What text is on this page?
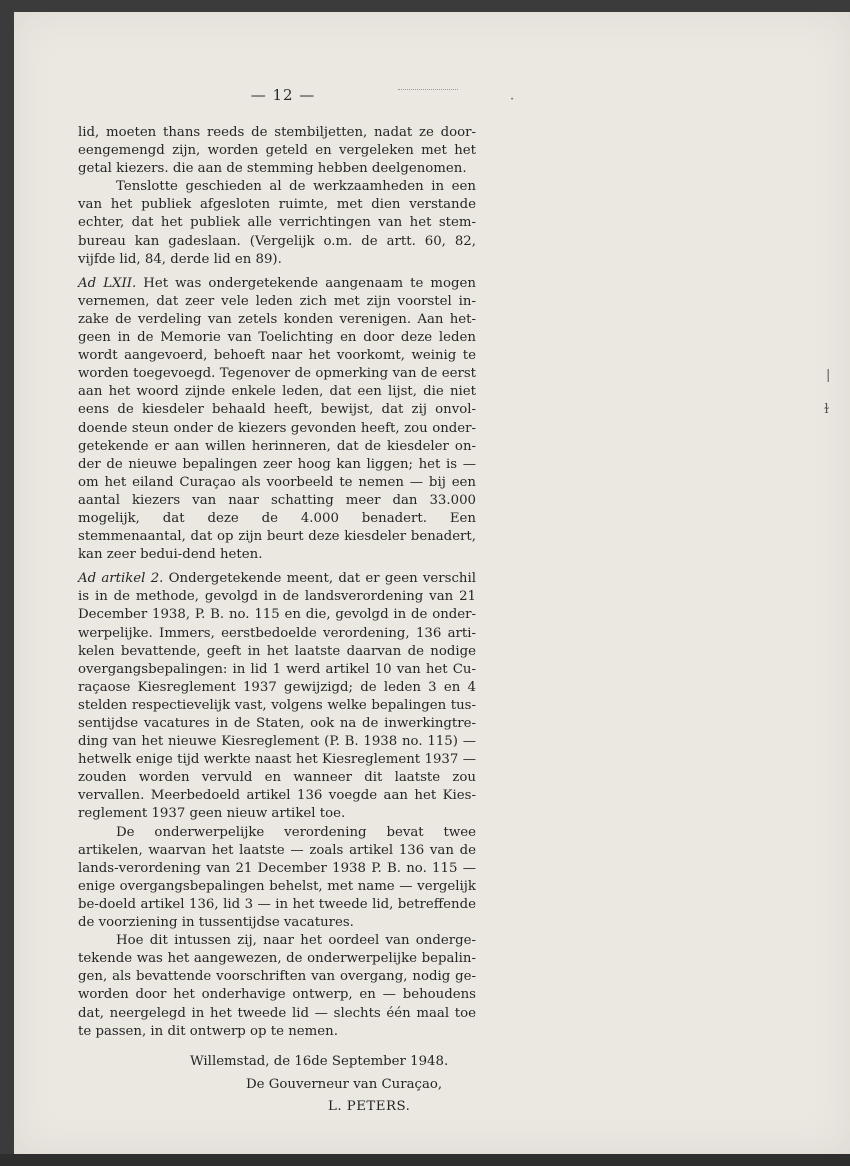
·
|
ɫ
— 12 —

lid, moeten thans reeds de stembiljetten, nadat ze door-eengemengd zijn, worden geteld en vergeleken met het getal kiezers. die aan de stemming hebben deelgenomen.

Tenslotte geschieden al de werkzaamheden in een van het publiek afgesloten ruimte, met dien verstande echter, dat het publiek alle verrichtingen van het stem-bureau kan gadeslaan. (Vergelijk o.m. de artt. 60, 82, vijfde lid, 84, derde lid en 89).

Ad LXII. Het was ondergetekende aangenaam te mogen vernemen, dat zeer vele leden zich met zijn voorstel in-zake de verdeling van zetels konden verenigen. Aan het-geen in de Memorie van Toelichting en door deze leden wordt aangevoerd, behoeft naar het voorkomt, weinig te worden toegevoegd. Tegenover de opmerking van de eerst aan het woord zijnde enkele leden, dat een lijst, die niet eens de kiesdeler behaald heeft, bewijst, dat zij onvol-doende steun onder de kiezers gevonden heeft, zou onder-getekende er aan willen herinneren, dat de kiesdeler on-der de nieuwe bepalingen zeer hoog kan liggen; het is — om het eiland Curaçao als voorbeeld te nemen — bij een aantal kiezers van naar schatting meer dan 33.000 mogelijk, dat deze de 4.000 benadert. Een stemmenaantal, dat op zijn beurt deze kiesdeler benadert, kan zeer bedui-dend heten.

Ad artikel 2. Ondergetekende meent, dat er geen verschil is in de methode, gevolgd in de landsverordening van 21 December 1938, P. B. no. 115 en die, gevolgd in de onder-werpelijke. Immers, eerstbedoelde verordening, 136 arti-kelen bevattende, geeft in het laatste daarvan de nodige overgangsbepalingen: in lid 1 werd artikel 10 van het Cu-raçaose Kiesreglement 1937 gewijzigd; de leden 3 en 4 stelden respectievelijk vast, volgens welke bepalingen tus-sentijdse vacatures in de Staten, ook na de inwerkingtre-ding van het nieuwe Kiesreglement (P. B. 1938 no. 115) — hetwelk enige tijd werkte naast het Kiesreglement 1937 — zouden worden vervuld en wanneer dit laatste zou vervallen. Meerbedoeld artikel 136 voegde aan het Kies-reglement 1937 geen nieuw artikel toe.

De onderwerpelijke verordening bevat twee artikelen, waarvan het laatste — zoals artikel 136 van de lands-verordening van 21 December 1938 P. B. no. 115 — enige overgangsbepalingen behelst, met name — vergelijk be-doeld artikel 136, lid 3 — in het tweede lid, betreffende de voorziening in tussentijdse vacatures.

Hoe dit intussen zij, naar het oordeel van onderge-tekende was het aangewezen, de onderwerpelijke bepalin-gen, als bevattende voorschriften van overgang, nodig ge-worden door het onderhavige ontwerp, en — behoudens dat, neergelegd in het tweede lid — slechts één maal toe te passen, in dit ontwerp op te nemen.

Willemstad, de 16de September 1948.
De Gouverneur van Curaçao,
L. PETERS.
